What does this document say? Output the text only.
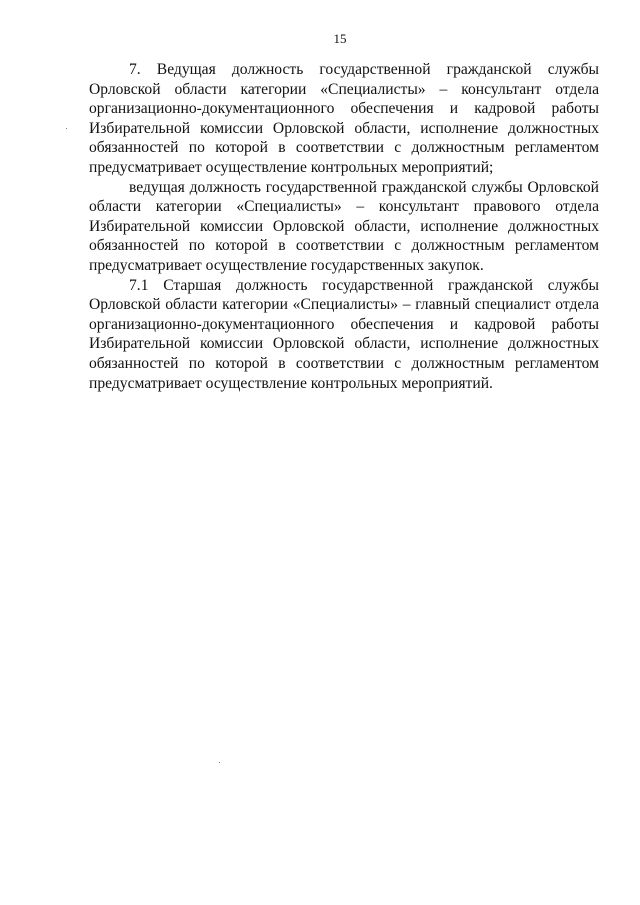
15
7. Ведущая должность государственной гражданской службы
Орловской области категории «Специалисты» – консультант отдела
организационно-документационного обеспечения и кадровой работы
Избирательной комиссии Орловской области, исполнение должностных
обязанностей по которой в соответствии с должностным регламентом
предусматривает осуществление контрольных мероприятий;
ведущая должность государственной гражданской службы Орловской
области категории «Специалисты» – консультант правового отдела
Избирательной комиссии Орловской области, исполнение должностных
обязанностей по которой в соответствии с должностным регламентом
предусматривает осуществление государственных закупок.
7.1 Старшая должность государственной гражданской службы
Орловской области категории «Специалисты» – главный специалист отдела
организационно-документационного обеспечения и кадровой работы
Избирательной комиссии Орловской области, исполнение должностных
обязанностей по которой в соответствии с должностным регламентом
предусматривает осуществление контрольных мероприятий.
